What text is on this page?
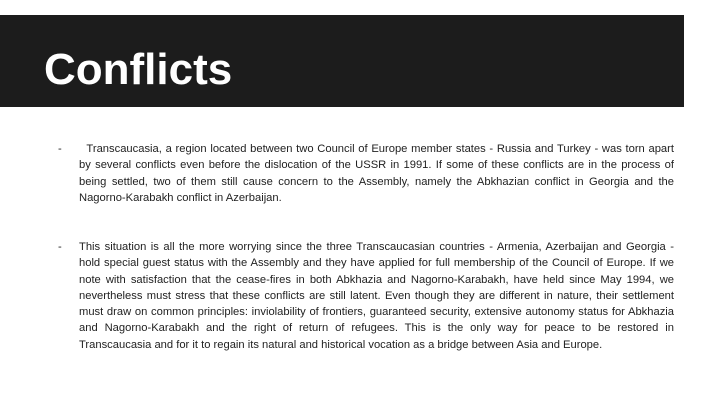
Conflicts
- Transcaucasia, a region located between two Council of Europe member states - Russia and Turkey - was torn apart by several conflicts even before the dislocation of the USSR in 1991. If some of these conflicts are in the process of being settled, two of them still cause concern to the Assembly, namely the Abkhazian conflict in Georgia and the Nagorno-Karabakh conflict in Azerbaijan.
- This situation is all the more worrying since the three Transcaucasian countries - Armenia, Azerbaijan and Georgia - hold special guest status with the Assembly and they have applied for full membership of the Council of Europe. If we note with satisfaction that the cease-fires in both Abkhazia and Nagorno-Karabakh, have held since May 1994, we nevertheless must stress that these conflicts are still latent. Even though they are different in nature, their settlement must draw on common principles: inviolability of frontiers, guaranteed security, extensive autonomy status for Abkhazia and Nagorno-Karabakh and the right of return of refugees. This is the only way for peace to be restored in Transcaucasia and for it to regain its natural and historical vocation as a bridge between Asia and Europe.
